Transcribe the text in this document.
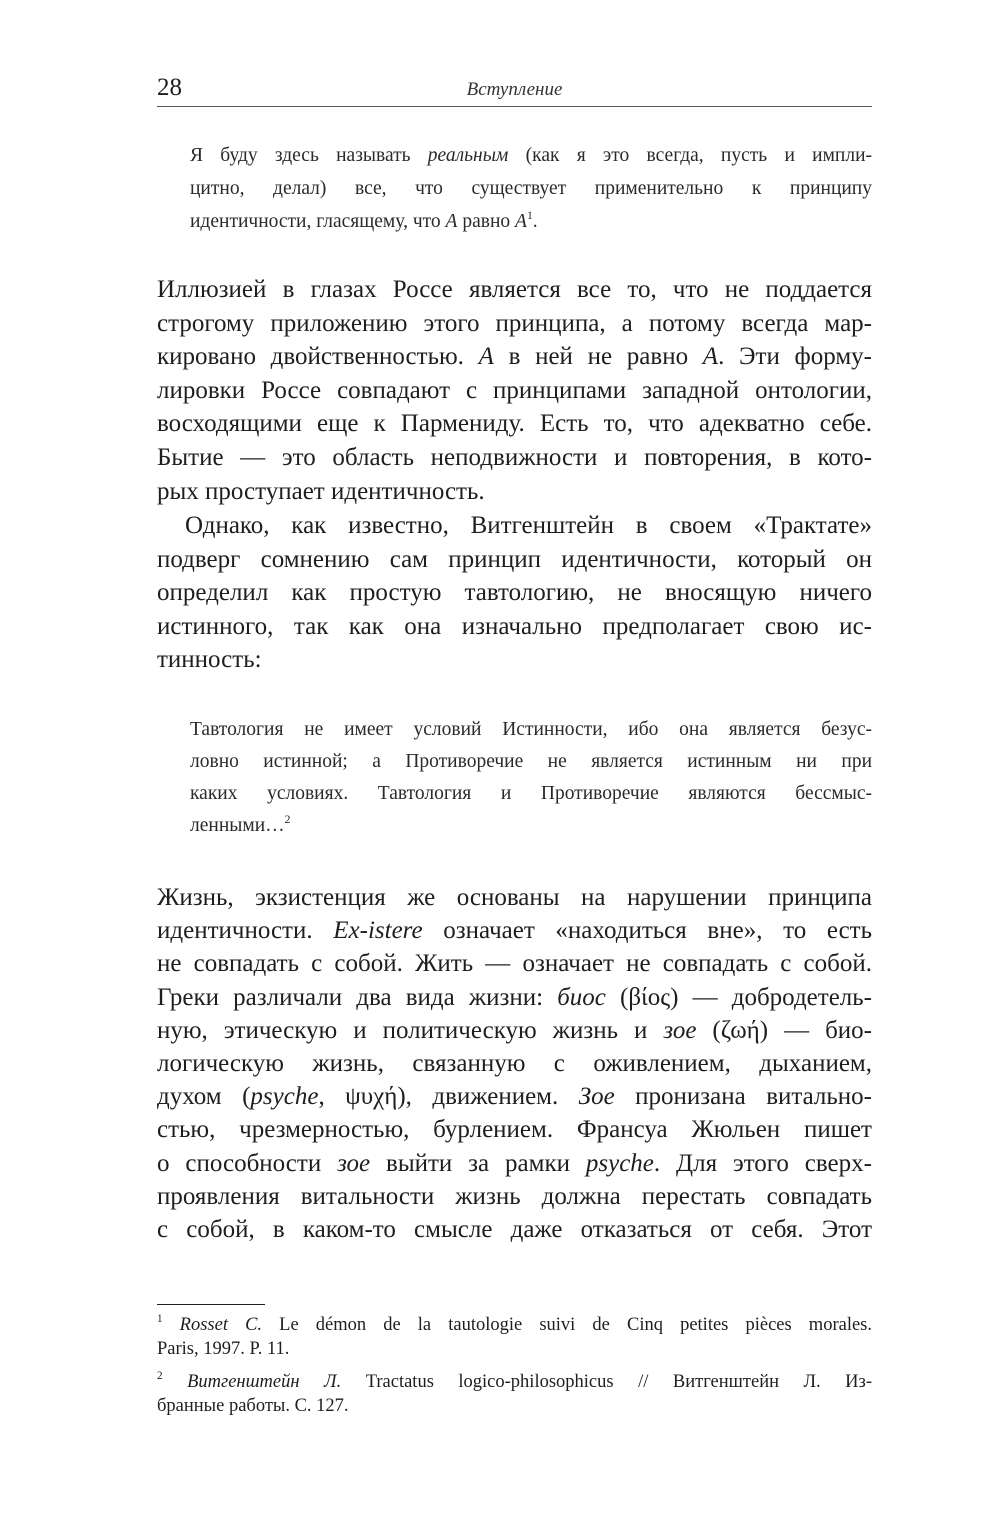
28	Вступление
Я буду здесь называть реальным (как я это всегда, пусть и импли-
цитно, делал) все, что существует применительно к принципу
идентичности, гласящему, что A равно $A^1$.
Иллюзией в глазах Россе является все то, что не поддается
строгому приложению этого принципа, а потому всегда мар-
кировано двойственностью. A в ней не равно A. Эти форму-
лировки Россе совпадают с принципами западной онтологии,
восходящими еще к Пармениду. Есть то, что адекватно себе.
Бытие — это область неподвижности и повторения, в кото-
рых проступает идентичность.
Однако, как известно, Витгенштейн в своем «Трактате»
подверг сомнению сам принцип идентичности, который он
определил как простую тавтологию, не вносящую ничего
истинного, так как она изначально предполагает свою ис-
тинность:
Тавтология не имеет условий Истинности, ибо она является безус-
ловно истинной; а Противоречие не является истинным ни при
каких условиях. Тавтология и Противоречие являются бессмыс-
ленными…$^2$
Жизнь, экзистенция же основаны на нарушении принципа
идентичности. Ex-istere означает «находиться вне», то есть
не совпадать с собой. Жить — означает не совпадать с собой.
Греки различали два вида жизни: биос (βίος) — добродетель-
ную, этическую и политическую жизнь и зое (ζωή) — био-
логическую жизнь, связанную с оживлением, дыханием,
духом (psyche, ψυχή), движением. Зое пронизана витально-
стью, чрезмерностью, бурлением. Франсуа Жюльен пишет
о способности зое выйти за рамки psyche. Для этого сверх-
проявления витальности жизнь должна перестать совпадать
с собой, в каком-то смысле даже отказаться от себя. Этот
$^1$ Rosset C. Le démon de la tautologie suivi de Cinq petites pièces morales.
Paris, 1997. P. 11.
$^2$ Витгенштейн Л. Tractatus logico-philosophicus // Витгенштейн Л. Из-
бранные работы. С. 127.
